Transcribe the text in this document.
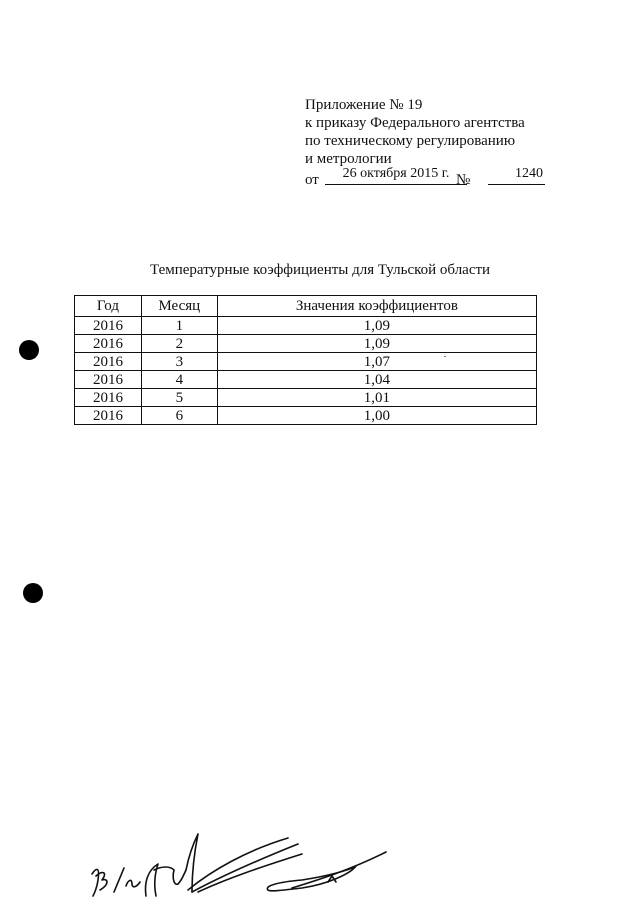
Приложение № 19
к приказу Федерального агентства
по техническому регулированию
и метрологии
от	26 октября 2015 г. №	1240
Температурные коэффициенты для Тульской области
Год	Месяц	Значения коэффициентов
2016	1	1,09
2016	2	1,09
2016	3	1,07
2016	4	1,04
2016	5	1,01
2016	6	1,00
